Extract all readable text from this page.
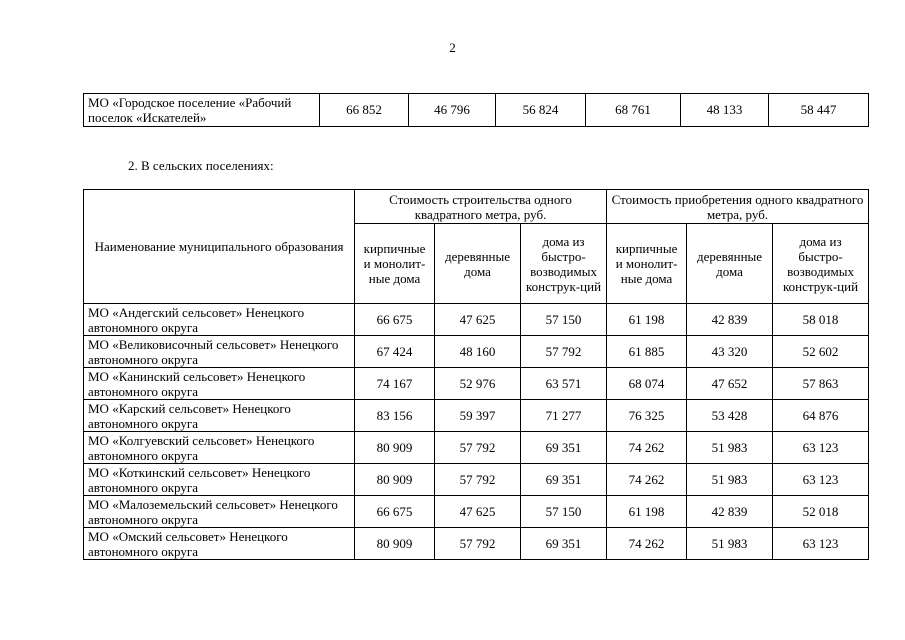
2
МО «Городское поселение «Рабочий поселок «Искателей»	66 852	46 796	56 824	68 761	48 133	58 447
2. В сельских поселениях:
Наименование муниципального образования	Стоимость строительства одного квадратного метра, руб.			Стоимость приобретения одного квадратного метра, руб.		
	кирпичные и монолит-ные дома	деревянные дома	дома из быстро-возводимых конструк-ций	кирпичные и монолит-ные дома	деревянные дома	дома из быстро-возводимых конструк-ций
МО «Андегский сельсовет» Ненецкого автономного округа	66 675	47 625	57 150	61 198	42 839	58 018
МО «Великовисочный сельсовет» Ненецкого автономного округа	67 424	48 160	57 792	61 885	43 320	52 602
МО «Канинский сельсовет» Ненецкого автономного округа	74 167	52 976	63 571	68 074	47 652	57 863
МО «Карский сельсовет» Ненецкого автономного округа	83 156	59 397	71 277	76 325	53 428	64 876
МО «Колгуевский сельсовет» Ненецкого автономного округа	80 909	57 792	69 351	74 262	51 983	63 123
МО «Коткинский сельсовет» Ненецкого автономного округа	80 909	57 792	69 351	74 262	51 983	63 123
МО «Малоземельский сельсовет» Ненецкого автономного округа	66 675	47 625	57 150	61 198	42 839	52 018
МО «Омский сельсовет» Ненецкого автономного округа	80 909	57 792	69 351	74 262	51 983	63 123
